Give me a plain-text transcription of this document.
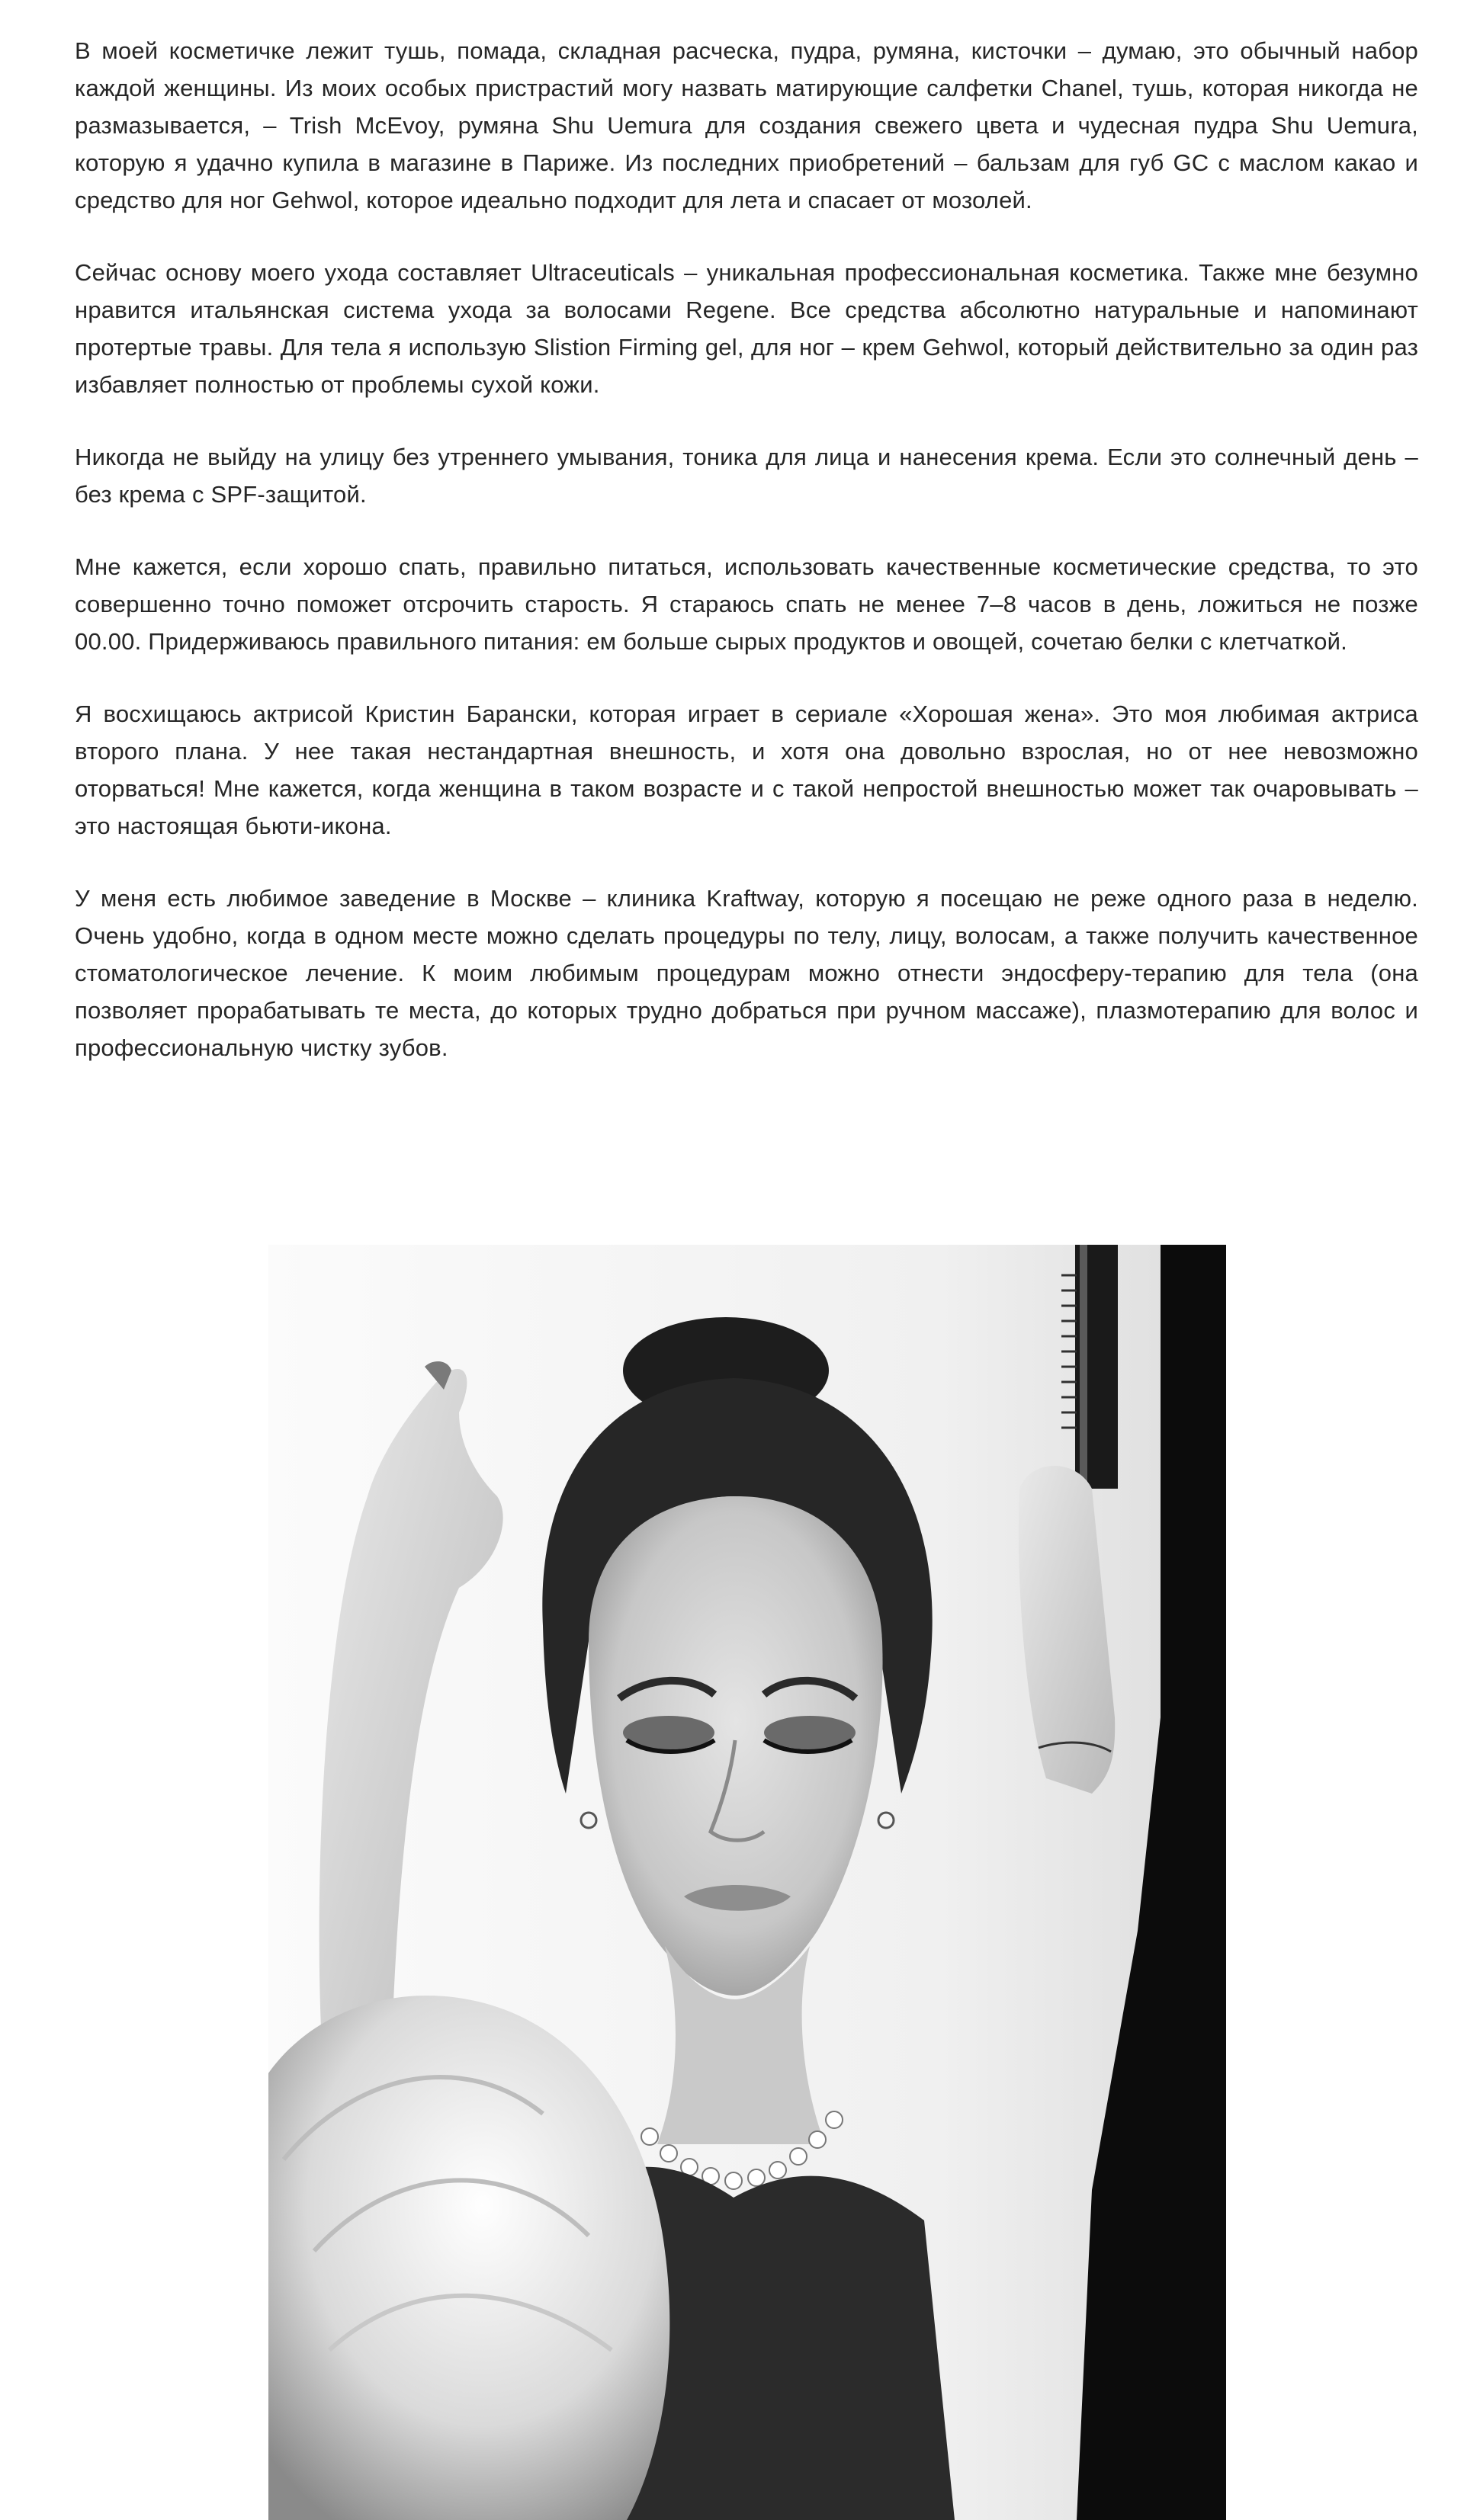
В моей косметичке лежит тушь, помада, складная расческа, пудра, румяна, кисточки – думаю, это обычный набор каждой женщины. Из моих особых пристрастий могу назвать матирующие салфетки Chanel, тушь, которая никогда не размазывается, – Trish McEvoy, румяна Shu Uemura для создания свежего цвета и чудесная пудра Shu Uemura, которую я удачно купила в магазине в Париже. Из последних приобретений – бальзам для губ GC с маслом какао и средство для ног Gehwol, которое идеально подходит для лета и спасает от мозолей.

Сейчас основу моего ухода составляет Ultraceuticals – уникальная профессиональная косметика. Также мне безумно нравится итальянская система ухода за волосами Regene. Все средства абсолютно натуральные и напоминают протертые травы. Для тела я использую Slistion Firming gel, для ног – крем Gehwol, который действительно за один раз избавляет полностью от проблемы сухой кожи.

Никогда не выйду на улицу без утреннего умывания, тоника для лица и нанесения крема. Если это солнечный день – без крема с SPF-защитой.

Мне кажется, если хорошо спать, правильно питаться, использовать качественные косметические средства, то это совершенно точно поможет отсрочить старость. Я стараюсь спать не менее 7–8 часов в день, ложиться не позже 00.00. Придерживаюсь правильного питания: ем больше сырых продуктов и овощей, сочетаю белки с клетчаткой.

Я восхищаюсь актрисой Кристин Барански, которая играет в сериале «Хорошая жена». Это моя любимая актриса второго плана. У нее такая нестандартная внешность, и хотя она довольно взрослая, но от нее невозможно оторваться! Мне кажется, когда женщина в таком возрасте и с такой непростой внешностью может так очаровывать – это настоящая бьюти-икона.

У меня есть любимое заведение в Москве – клиника Kraftway, которую я посещаю не реже одного раза в неделю. Очень удобно, когда в одном месте можно сделать процедуры по телу, лицу, волосам, а также получить качественное стоматологическое лечение. К моим любимым процедурам можно отнести эндосферу-терапию для тела (она позволяет прорабатывать те места, до которых трудно добраться при ручном массаже), плазмотерапию для волос и профессиональную чистку зубов.
